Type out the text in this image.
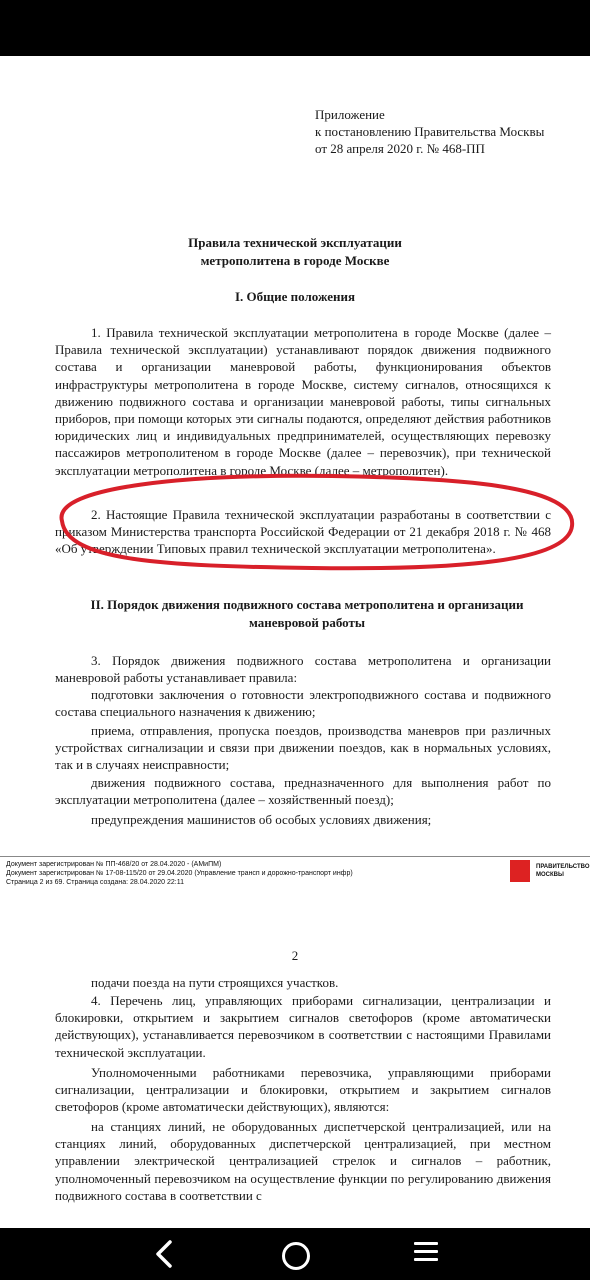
Приложение
к постановлению Правительства Москвы
от 28 апреля 2020 г. № 468-ПП
Правила технической эксплуатации
метрополитена в городе Москве
I. Общие положения
1. Правила технической эксплуатации метрополитена в городе Москве (далее – Правила технической эксплуатации) устанавливают порядок движения подвижного состава и организации маневровой работы, функционирования объектов инфраструктуры метрополитена в городе Москве, систему сигналов, относящихся к движению подвижного состава и организации маневровой работы, типы сигнальных приборов, при помощи которых эти сигналы подаются, определяют действия работников юридических лиц и индивидуальных предпринимателей, осуществляющих перевозку пассажиров метрополитеном в городе Москве (далее – перевозчик), при технической эксплуатации метрополитена в городе Москве (далее – метрополитен).
2. Настоящие Правила технической эксплуатации разработаны в соответствии с приказом Министерства транспорта Российской Федерации от 21 декабря 2018 г. № 468 «Об утверждении Типовых правил технической эксплуатации метрополитена».
II. Порядок движения подвижного состава метрополитена и организации маневровой работы
3. Порядок движения подвижного состава метрополитена и организации маневровой работы устанавливает правила:
подготовки заключения о готовности электроподвижного состава и подвижного состава специального назначения к движению;
приема, отправления, пропуска поездов, производства маневров при различных устройствах сигнализации и связи при движении поездов, как в нормальных условиях, так и в случаях неисправности;
движения подвижного состава, предназначенного для выполнения работ по эксплуатации метрополитена (далее – хозяйственный поезд);
предупреждения машинистов об особых условиях движения;
Документ зарегистрирован № ПП-468/20 от 28.04.2020 - (АМиПМ)
Документ зарегистрирован № 17-08-115/20 от 29.04.2020 (Управление трансп и дорожно-транспорт инфр)
Страница 2 из 69. Страница создана: 28.04.2020 22:11
ПРАВИТЕЛЬСТВО
МОСКВЫ
2
подачи поезда на пути строящихся участков.
4. Перечень лиц, управляющих приборами сигнализации, централизации и блокировки, открытием и закрытием сигналов светофоров (кроме автоматически действующих), устанавливается перевозчиком в соответствии с настоящими Правилами технической эксплуатации.
Уполномоченными работниками перевозчика, управляющими приборами сигнализации, централизации и блокировки, открытием и закрытием сигналов светофоров (кроме автоматически действующих), являются:
на станциях линий, не оборудованных диспетчерской централизацией, или на станциях линий, оборудованных диспетчерской централизацией, при местном управлении электрической централизацией стрелок и сигналов – работник, уполномоченный перевозчиком на осуществление функции по регулированию движения подвижного состава в соответствии с
